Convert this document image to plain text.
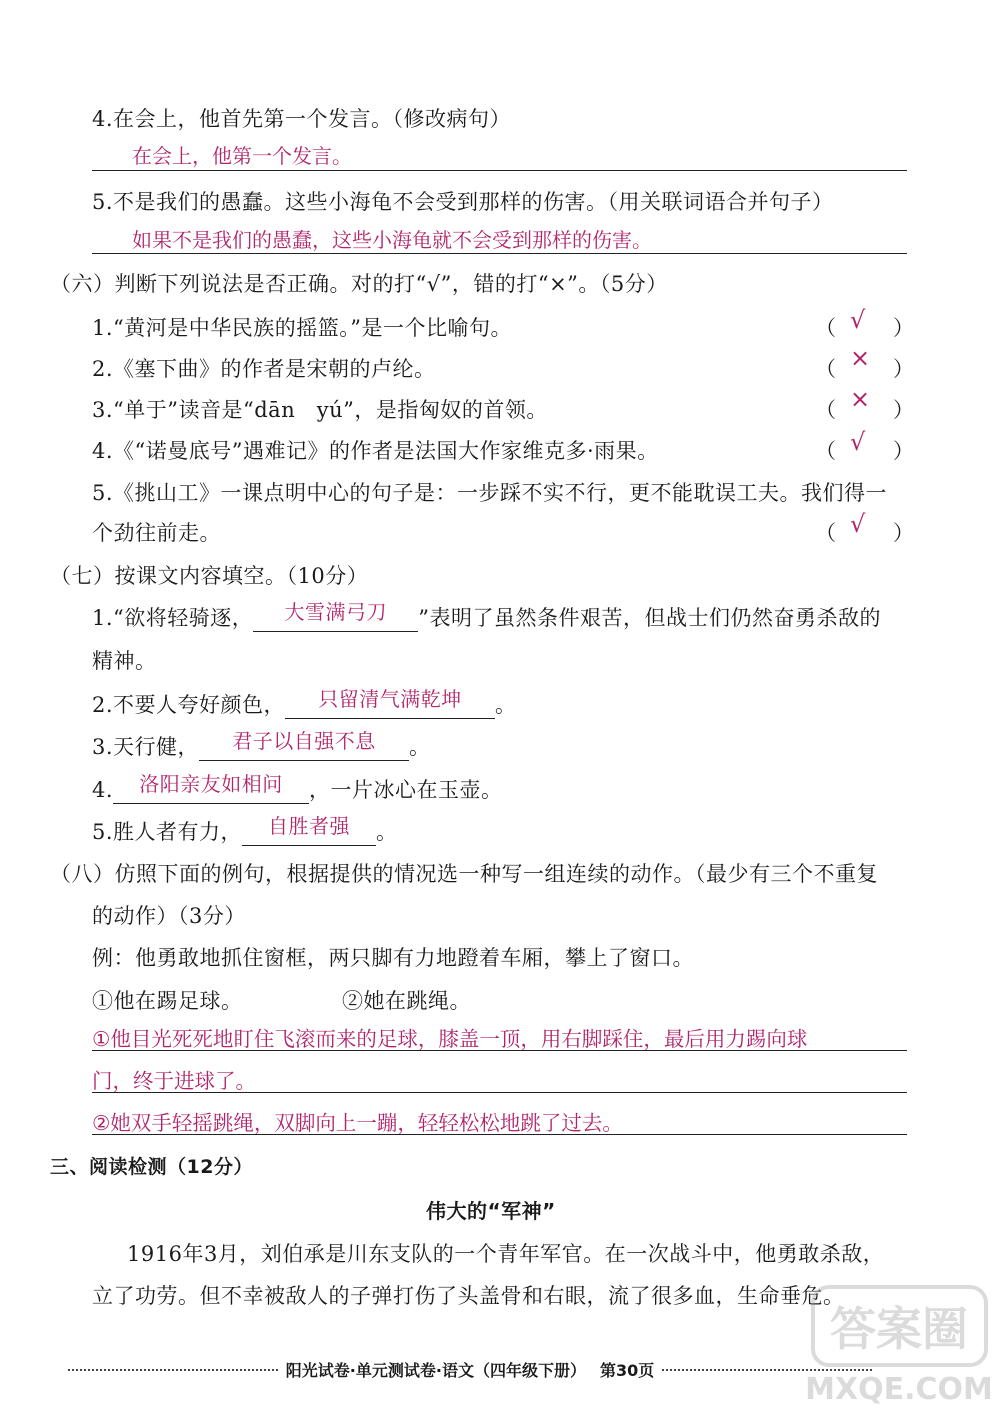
4.在会上，他首先第一个发言。（修改病句）
在会上，他第一个发言。
5.不是我们的愚蠢。这些小海龟不会受到那样的伤害。（用关联词语合并句子）
如果不是我们的愚蠢，这些小海龟就不会受到那样的伤害。
（六）判断下列说法是否正确。对的打“√”，错的打“×”。（5分）
1.“黄河是中华民族的摇篮。”是一个比喻句。	（ √ ）
2.《塞下曲》的作者是宋朝的卢纶。	（ × ）
3.“单于”读音是“dān　yú”，是指匈奴的首领。	（ × ）
4.《“诺曼底号”遇难记》的作者是法国大作家维克多·雨果。	（ √ ）
5.《挑山工》一课点明中心的句子是：一步踩不实不行，更不能耽误工夫。我们得一
个劲往前走。	（ √ ）
（七）按课文内容填空。（10分）
1.“欲将轻骑逐， 大雪满弓刀 ”表明了虽然条件艰苦，但战士们仍然奋勇杀敌的
精神。
2.不要人夸好颜色， 只留清气满乾坤 。
3.天行健， 君子以自强不息 。
4. 洛阳亲友如相问 ，一片冰心在玉壶。
5.胜人者有力， 自胜者强 。
（八）仿照下面的例句，根据提供的情况选一种写一组连续的动作。（最少有三个不重复
的动作）（3分）
例：他勇敢地抓住窗框，两只脚有力地蹬着车厢，攀上了窗口。
①他在踢足球。	②她在跳绳。
①他目光死死地盯住飞滚而来的足球，膝盖一顶，用右脚踩住，最后用力踢向球
门，终于进球了。
②她双手轻摇跳绳，双脚向上一蹦，轻轻松松地跳了过去。
三、阅读检测（12分）
伟大的“军神”
1916年3月，刘伯承是川东支队的一个青年军官。在一次战斗中，他勇敢杀敌，
立了功劳。但不幸被敌人的子弹打伤了头盖骨和右眼，流了很多血，生命垂危。
阳光试卷·单元测试卷·语文（四年级下册） 第30页
答案圈
MXQE.COM
